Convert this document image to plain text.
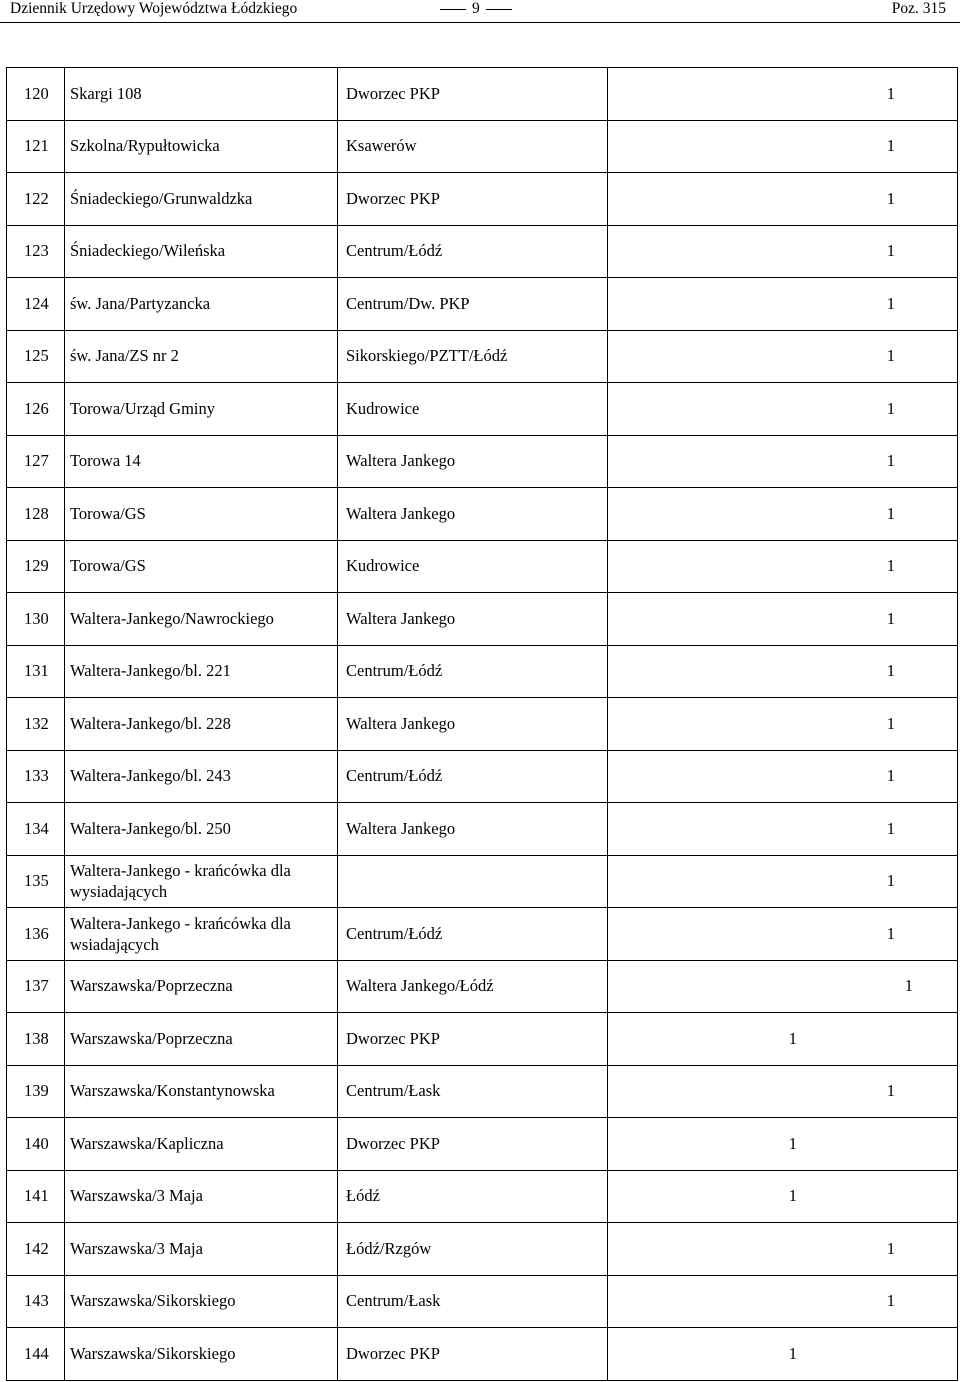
Dziennik Urzędowy Województwa Łódzkiego	9	Poz. 315
120	Skargi 108	Dworzec PKP	1
121	Szkolna/Rypułtowicka	Ksawerów	1
122	Śniadeckiego/Grunwaldzka	Dworzec PKP	1
123	Śniadeckiego/Wileńska	Centrum/Łódź	1
124	św. Jana/Partyzancka	Centrum/Dw. PKP	1
125	św. Jana/ZS nr 2	Sikorskiego/PZTT/Łódź	1
126	Torowa/Urząd Gminy	Kudrowice	1
127	Torowa 14	Waltera Jankego	1
128	Torowa/GS	Waltera Jankego	1
129	Torowa/GS	Kudrowice	1
130	Waltera-Jankego/Nawrockiego	Waltera Jankego	1
131	Waltera-Jankego/bl. 221	Centrum/Łódź	1
132	Waltera-Jankego/bl. 228	Waltera Jankego	1
133	Waltera-Jankego/bl. 243	Centrum/Łódź	1
134	Waltera-Jankego/bl. 250	Waltera Jankego	1
135	Waltera-Jankego - krańcówka dla wysiadających		1
136	Waltera-Jankego - krańcówka dla wsiadających	Centrum/Łódź	1
137	Warszawska/Poprzeczna	Waltera Jankego/Łódź	1
138	Warszawska/Poprzeczna	Dworzec PKP	1
139	Warszawska/Konstantynowska	Centrum/Łask	1
140	Warszawska/Kapliczna	Dworzec PKP	1
141	Warszawska/3 Maja	Łódź	1
142	Warszawska/3 Maja	Łódź/Rzgów	1
143	Warszawska/Sikorskiego	Centrum/Łask	1
144	Warszawska/Sikorskiego	Dworzec PKP	1
